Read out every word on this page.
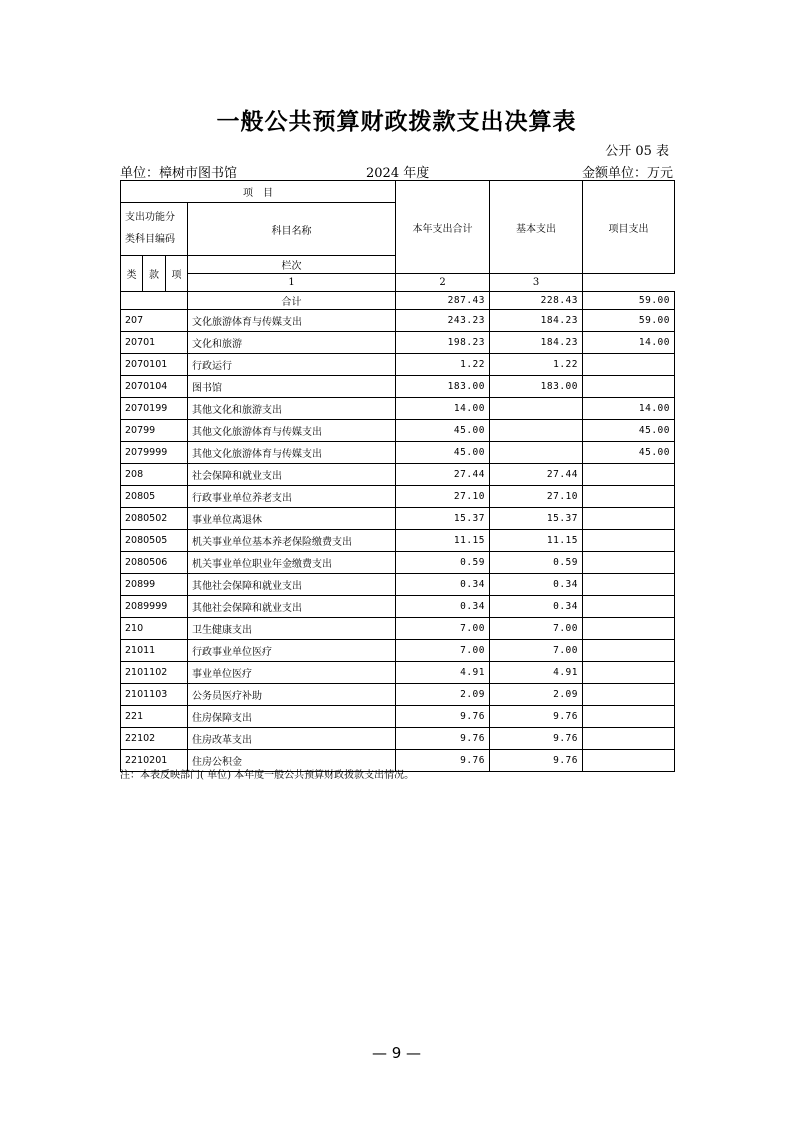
一般公共预算财政拨款支出决算表
公开 05 表
单位：樟树市图书馆	2024 年度	金额单位：万元
项　目				本年支出合计	基本支出	项目支出
支出功能分类科目编码			科目名称			
类	款	项	栏次			
			1	2	3	
			合计	287.43	228.43	59.00
207			文化旅游体育与传媒支出	243.23	184.23	59.00
20701			文化和旅游	198.23	184.23	14.00
2070101			行政运行	1.22	1.22	
2070104			图书馆	183.00	183.00	
2070199			其他文化和旅游支出	14.00		14.00
20799			其他文化旅游体育与传媒支出	45.00		45.00
2079999			其他文化旅游体育与传媒支出	45.00		45.00
208			社会保障和就业支出	27.44	27.44	
20805			行政事业单位养老支出	27.10	27.10	
2080502			事业单位离退休	15.37	15.37	
2080505			机关事业单位基本养老保险缴费支出	11.15	11.15	
2080506			机关事业单位职业年金缴费支出	0.59	0.59	
20899			其他社会保障和就业支出	0.34	0.34	
2089999			其他社会保障和就业支出	0.34	0.34	
210			卫生健康支出	7.00	7.00	
21011			行政事业单位医疗	7.00	7.00	
2101102			事业单位医疗	4.91	4.91	
2101103			公务员医疗补助	2.09	2.09	
221			住房保障支出	9.76	9.76	
22102			住房改革支出	9.76	9.76	
2210201			住房公积金	9.76	9.76	
注：本表反映部门( 单位) 本年度一般公共预算财政拨款支出情况。
— 9 —
